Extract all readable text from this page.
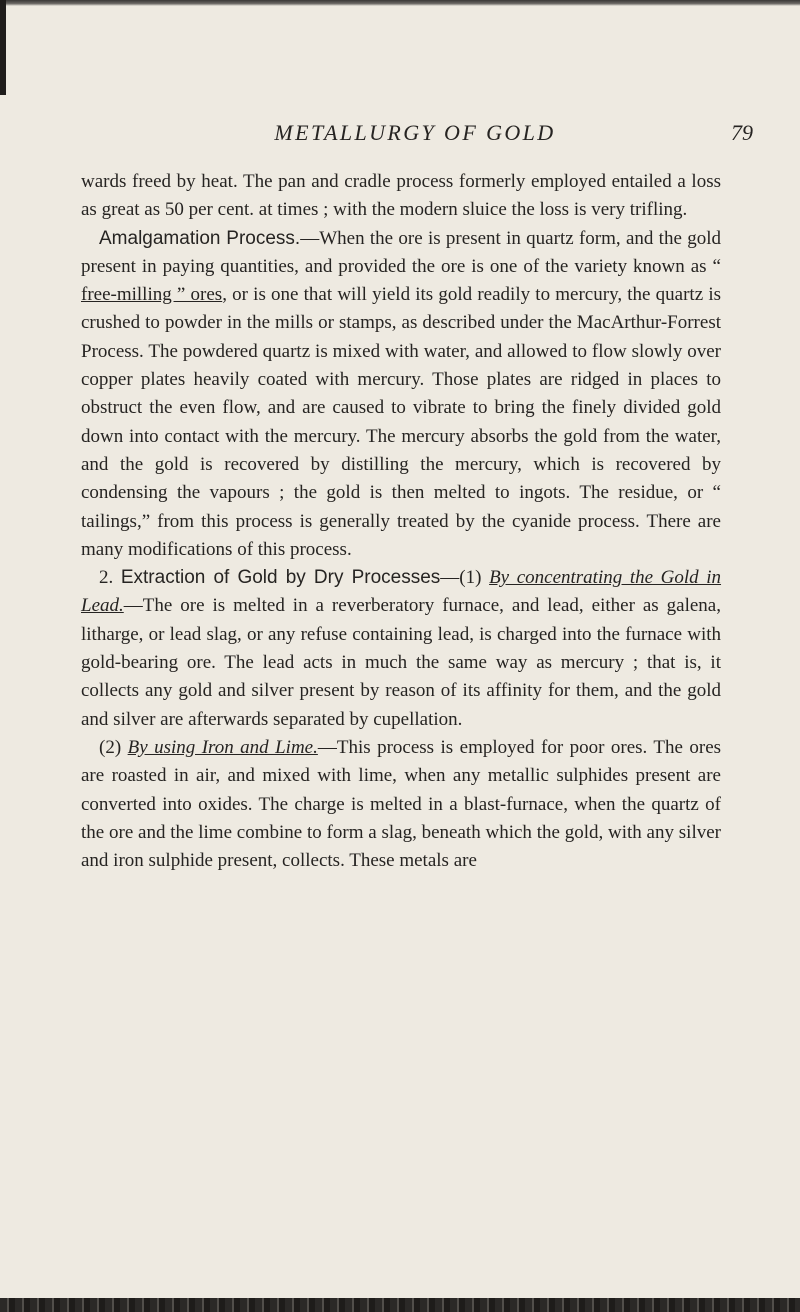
METALLURGY OF GOLD	79

wards freed by heat. The pan and cradle process formerly employed entailed a loss as great as 50 per cent. at times ; with the modern sluice the loss is very trifling.

Amalgamation Process.—When the ore is present in quartz form, and the gold present in paying quantities, and provided the ore is one of the variety known as “ free-milling ” ores, or is one that will yield its gold readily to mercury, the quartz is crushed to powder in the mills or stamps, as described under the MacArthur-Forrest Process. The powdered quartz is mixed with water, and allowed to flow slowly over copper plates heavily coated with mercury. Those plates are ridged in places to obstruct the even flow, and are caused to vibrate to bring the finely divided gold down into contact with the mercury. The mercury absorbs the gold from the water, and the gold is recovered by distilling the mercury, which is recovered by condensing the vapours ; the gold is then melted to ingots. The residue, or “ tailings,” from this process is generally treated by the cyanide process. There are many modifications of this process.

2. Extraction of Gold by Dry Processes—(1) By concentrating the Gold in Lead.—The ore is melted in a reverberatory furnace, and lead, either as galena, litharge, or lead slag, or any refuse containing lead, is charged into the furnace with gold-bearing ore. The lead acts in much the same way as mercury ; that is, it collects any gold and silver present by reason of its affinity for them, and the gold and silver are afterwards separated by cupellation.

(2) By using Iron and Lime.—This process is employed for poor ores. The ores are roasted in air, and mixed with lime, when any metallic sulphides present are converted into oxides. The charge is melted in a blast-furnace, when the quartz of the ore and the lime combine to form a slag, beneath which the gold, with any silver and iron sulphide present, collects. These metals are
